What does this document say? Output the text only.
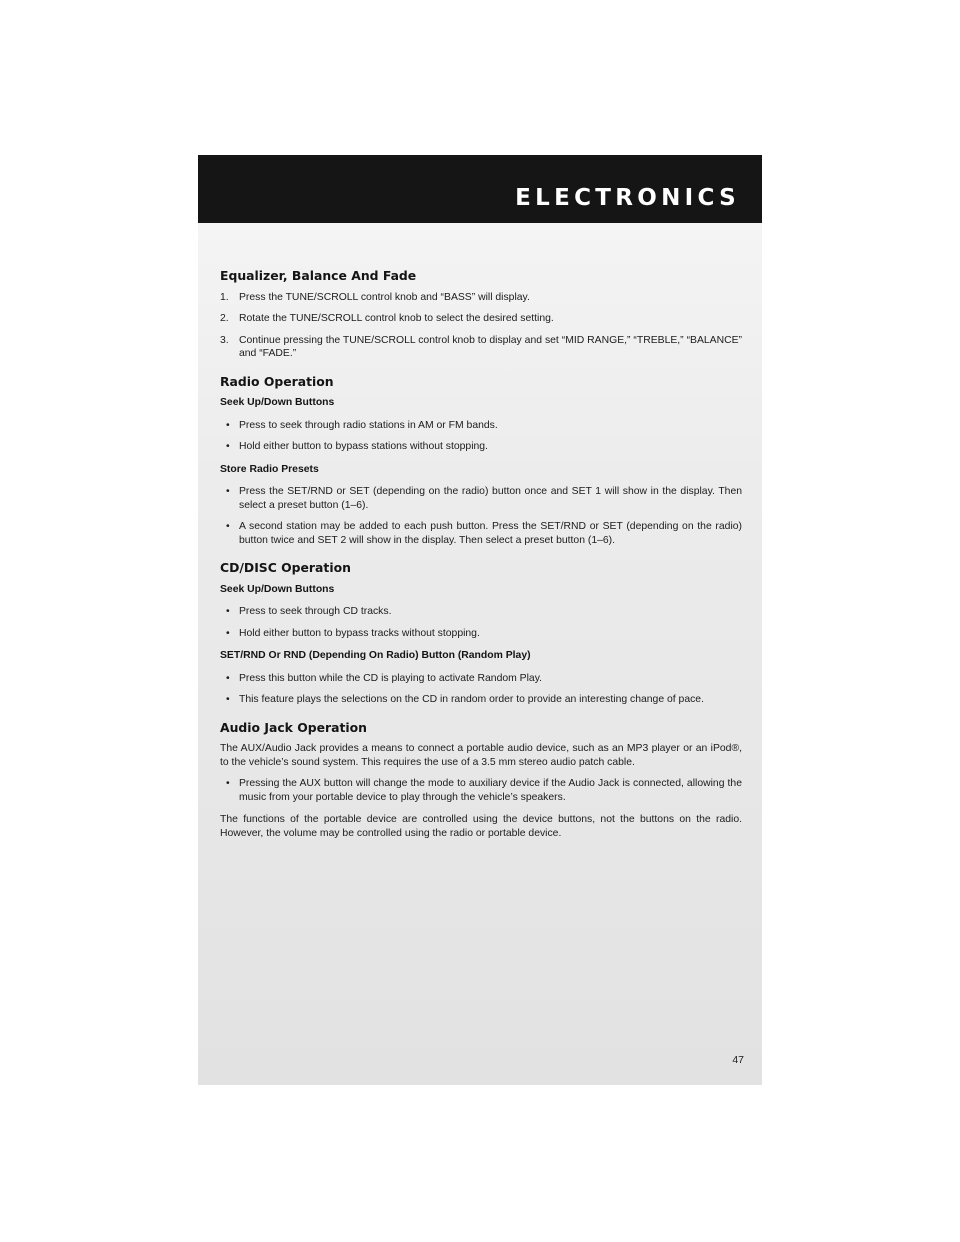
ELECTRONICS
Equalizer, Balance And Fade
1. Press the TUNE/SCROLL control knob and “BASS” will display.
2. Rotate the TUNE/SCROLL control knob to select the desired setting.
3. Continue pressing the TUNE/SCROLL control knob to display and set “MID RANGE,” “TREBLE,” “BALANCE” and “FADE.”
Radio Operation
Seek Up/Down Buttons
• Press to seek through radio stations in AM or FM bands.
• Hold either button to bypass stations without stopping.
Store Radio Presets
• Press the SET/RND or SET (depending on the radio) button once and SET 1 will show in the display. Then select a preset button (1–6).
• A second station may be added to each push button. Press the SET/RND or SET (depending on the radio) button twice and SET 2 will show in the display. Then select a preset button (1–6).
CD/DISC Operation
Seek Up/Down Buttons
• Press to seek through CD tracks.
• Hold either button to bypass tracks without stopping.
SET/RND Or RND (Depending On Radio) Button (Random Play)
• Press this button while the CD is playing to activate Random Play.
• This feature plays the selections on the CD in random order to provide an interesting change of pace.
Audio Jack Operation

The AUX/Audio Jack provides a means to connect a portable audio device, such as an MP3 player or an iPod®, to the vehicle’s sound system. This requires the use of a 3.5 mm stereo audio patch cable.

• Pressing the AUX button will change the mode to auxiliary device if the Audio Jack is connected, allowing the music from your portable device to play through the vehicle’s speakers.

The functions of the portable device are controlled using the device buttons, not the buttons on the radio. However, the volume may be controlled using the radio or portable device.

47
